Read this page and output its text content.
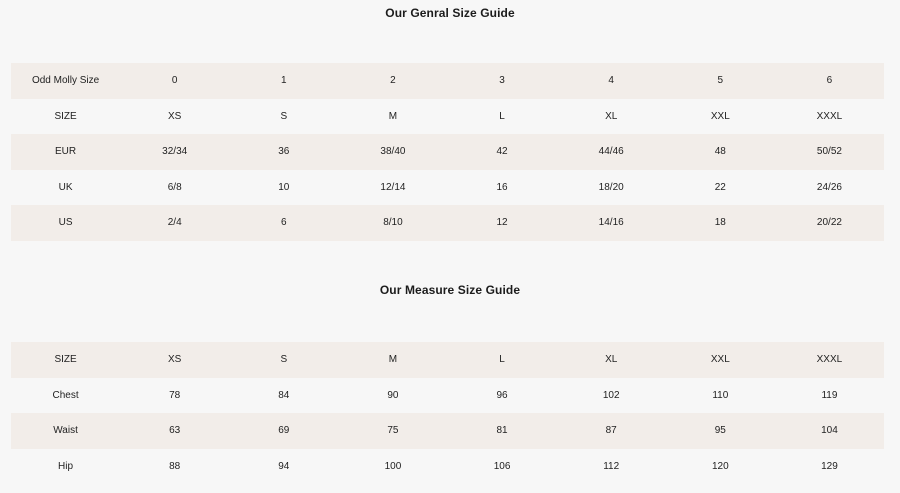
Our Genral Size Guide
Odd Molly Size	0	1	2	3	4	5	6
SIZE	XS	S	M	L	XL	XXL	XXXL
EUR	32/34	36	38/40	42	44/46	48	50/52
UK	6/8	10	12/14	16	18/20	22	24/26
US	2/4	6	8/10	12	14/16	18	20/22
Our Measure Size Guide
SIZE	XS	S	M	L	XL	XXL	XXXL
Chest	78	84	90	96	102	110	119
Waist	63	69	75	81	87	95	104
Hip	88	94	100	106	112	120	129
